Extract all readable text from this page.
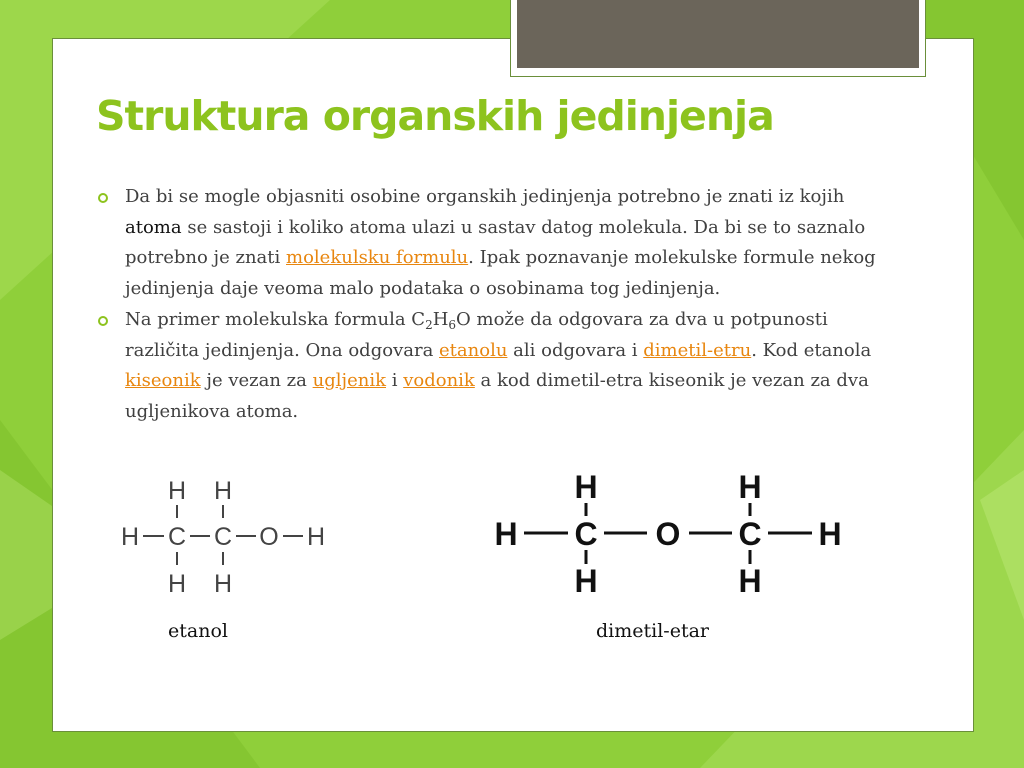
Struktura organskih jedinjenja
Da bi se mogle objasniti osobine organskih jedinjenja potrebno je znati iz kojih atoma se sastoji i koliko atoma ulazi u sastav datog molekula. Da bi se to saznalo potrebno je znati molekulsku formulu. Ipak poznavanje molekulske formule nekog jedinjenja daje veoma malo podataka o osobinama tog jedinjenja.
Na primer molekulska formula $C_2H_6O$ može da odgovara za dva u potpunosti različita jedinjenja. Ona odgovara etanolu ali odgovara i dimetil-etru. Kod etanola kiseonik je vezan za ugljenik i vodonik a kod dimetil-etra kiseonik je vezan za dva ugljenikova atoma.
H H
H C C O H
H H
H	H
H C O C H
H	H
etanol	dimetil-etar
